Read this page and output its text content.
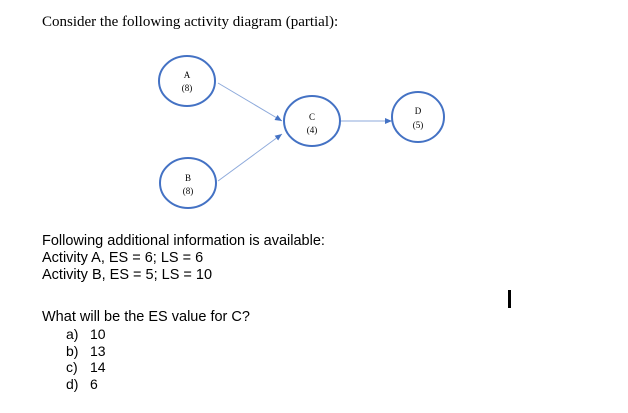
Consider the following activity diagram (partial):
A
(8)
B
(8)
C
(4)
D
(5)
Following additional information is available:
Activity A, ES = 6; LS = 6
Activity B, ES = 5; LS = 10
What will be the ES value for C?
a) 10
b) 13
c) 14
d) 6
